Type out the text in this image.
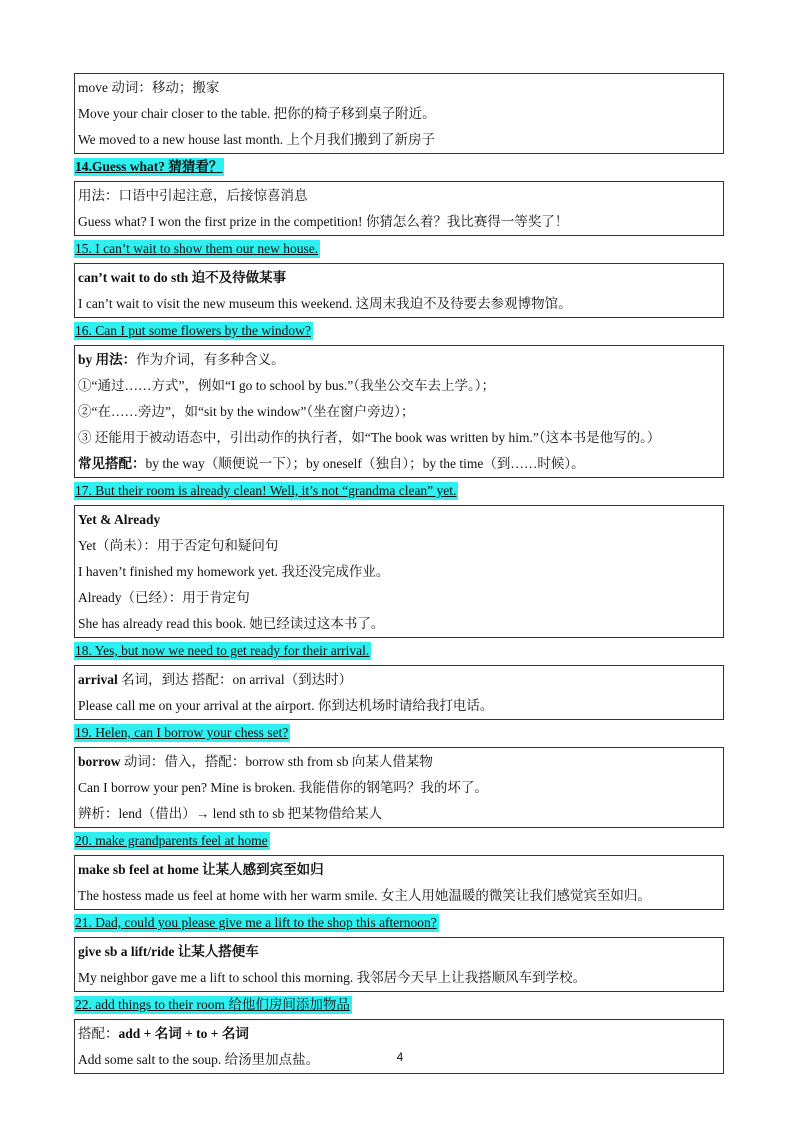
move 动词：移动；搬家
Move your chair closer to the table. 把你的椅子移到桌子附近。
We moved to a new house last month. 上个月我们搬到了新房子
14.Guess what? 猜猜看？
用法：口语中引起注意，后接惊喜消息
Guess what? I won the first prize in the competition! 你猜怎么着？我比赛得一等奖了！
15. I can’t wait to show them our new house.
can’t wait to do sth 迫不及待做某事
I can’t wait to visit the new museum this weekend. 这周末我迫不及待要去参观博物馆。
16. Can I put some flowers by the window?
by 用法：作为介词，有多种含义。
①“通过……方式”，例如“I go to school by bus.”（我坐公交车去上学。）；
②“在……旁边”，如“sit by the window”（坐在窗户旁边）；
③ 还能用于被动语态中，引出动作的执行者，如“The book was written by him.”（这本书是他写的。）
常见搭配：by the way（顺便说一下）；by oneself（独自）；by the time（到……时候）。
17. But their room is already clean! Well, it’s not “grandma clean” yet.
Yet & Already
Yet（尚未）：用于否定句和疑问句
I haven’t finished my homework yet. 我还没完成作业。
Already（已经）：用于肯定句
She has already read this book. 她已经读过这本书了。
18. Yes, but now we need to get ready for their arrival.
arrival 名词，到达 搭配：on arrival（到达时）
Please call me on your arrival at the airport. 你到达机场时请给我打电话。
19. Helen, can I borrow your chess set?
borrow 动词：借入，搭配：borrow sth from sb 向某人借某物
Can I borrow your pen? Mine is broken. 我能借你的钢笔吗？我的坏了。
辨析：lend（借出）→ lend sth to sb 把某物借给某人
20. make grandparents feel at home
make sb feel at home 让某人感到宾至如归
The hostess made us feel at home with her warm smile. 女主人用她温暖的微笑让我们感觉宾至如归。
21. Dad, could you please give me a lift to the shop this afternoon?
give sb a lift/ride 让某人搭便车
My neighbor gave me a lift to school this morning. 我邻居今天早上让我搭顺风车到学校。
22. add things to their room 给他们房间添加物品
搭配：add + 名词 + to + 名词
Add some salt to the soup. 给汤里加点盐。	4
